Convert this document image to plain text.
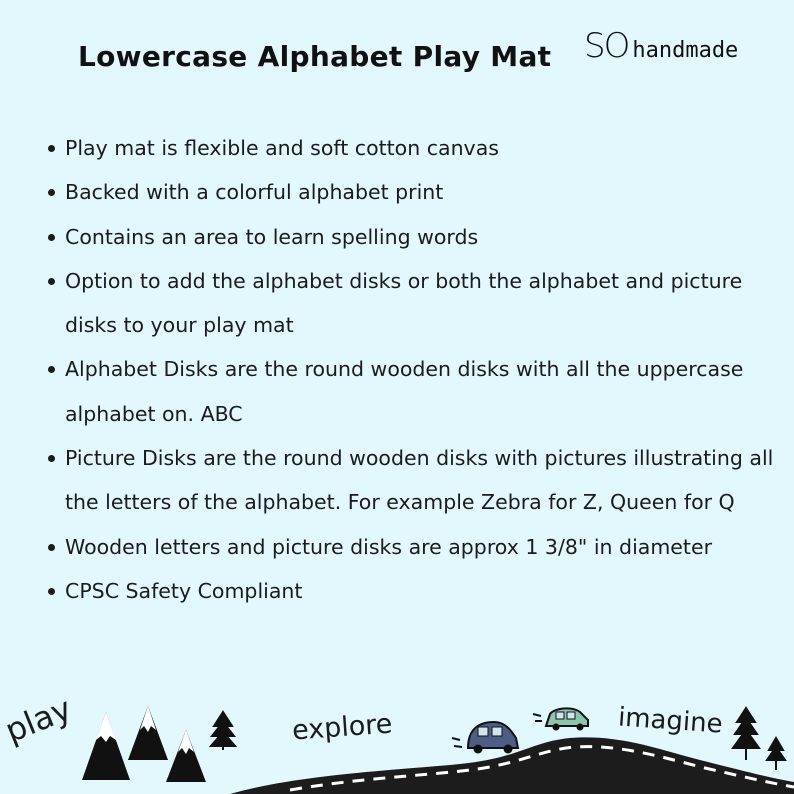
Lowercase Alphabet Play Mat SO handmade
Play mat is flexible and soft cotton canvas
Backed with a colorful alphabet print
Contains an area to learn spelling words
Option to add the alphabet disks or both the alphabet and picture disks to your play mat
Alphabet Disks are the round wooden disks with all the uppercase alphabet on. ABC
Picture Disks are the round wooden disks with pictures illustrating all the letters of the alphabet. For example Zebra for Z, Queen for Q
Wooden letters and picture disks are approx 1 3/8" in diameter
CPSC Safety Compliant
play	explore	imagine
